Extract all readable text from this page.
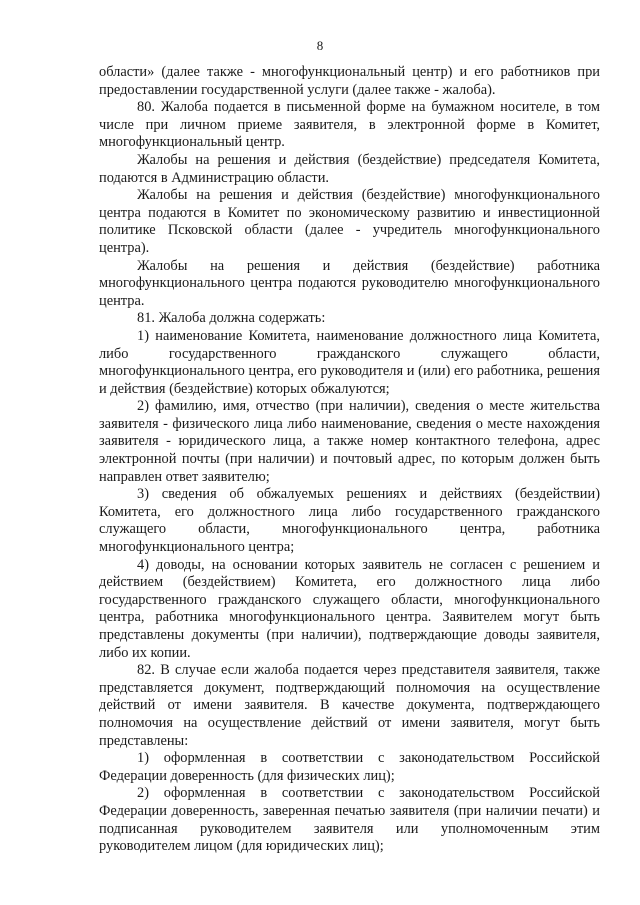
8

области» (далее также - многофункциональный центр) и его работников при предоставлении государственной услуги (далее также - жалоба).

80. Жалоба подается в письменной форме на бумажном носителе, в том числе при личном приеме заявителя, в электронной форме в Комитет, многофункциональный центр.

Жалобы на решения и действия (бездействие) председателя Комитета, подаются в Администрацию области.

Жалобы на решения и действия (бездействие) многофункционального центра подаются в Комитет по экономическому развитию и инвестиционной политике Псковской области (далее - учредитель многофункционального центра).

Жалобы на решения и действия (бездействие) работника многофункционального центра подаются руководителю многофункционального центра.

81. Жалоба должна содержать:

1) наименование Комитета, наименование должностного лица Комитета, либо государственного гражданского служащего области, многофункционального центра, его руководителя и (или) его работника, решения и действия (бездействие) которых обжалуются;

2) фамилию, имя, отчество (при наличии), сведения о месте жительства заявителя - физического лица либо наименование, сведения о месте нахождения заявителя - юридического лица, а также номер контактного телефона, адрес электронной почты (при наличии) и почтовый адрес, по которым должен быть направлен ответ заявителю;

3) сведения об обжалуемых решениях и действиях (бездействии) Комитета, его должностного лица либо государственного гражданского служащего области, многофункционального центра, работника многофункционального центра;

4) доводы, на основании которых заявитель не согласен с решением и действием (бездействием) Комитета, его должностного лица либо государственного гражданского служащего области, многофункционального центра, работника многофункционального центра. Заявителем могут быть представлены документы (при наличии), подтверждающие доводы заявителя, либо их копии.

82. В случае если жалоба подается через представителя заявителя, также представляется документ, подтверждающий полномочия на осуществление действий от имени заявителя. В качестве документа, подтверждающего полномочия на осуществление действий от имени заявителя, могут быть представлены:

1) оформленная в соответствии с законодательством Российской Федерации доверенность (для физических лиц);

2) оформленная в соответствии с законодательством Российской Федерации доверенность, заверенная печатью заявителя (при наличии печати) и подписанная руководителем заявителя или уполномоченным этим руководителем лицом (для юридических лиц);
